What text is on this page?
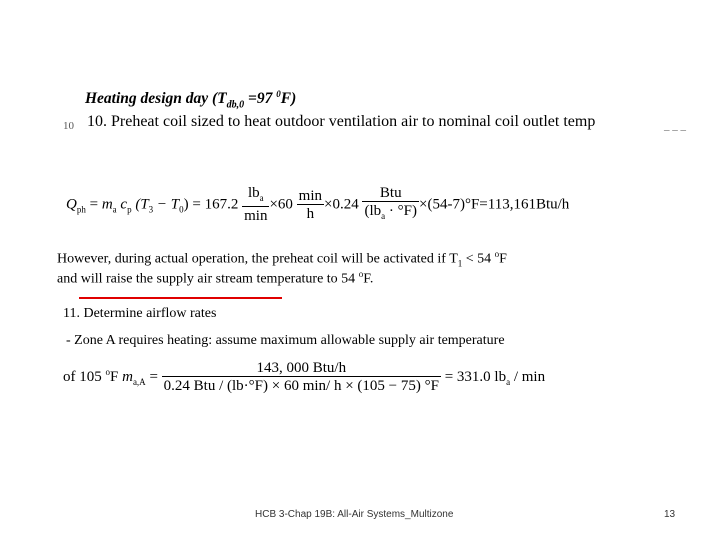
Heating design day ($T_{db,0} =97$ $^0$F)
10 10. Preheat coil sized to heat outdoor ventilation air to nominal coil outlet temp	_ _ _
$Q_{ph} = m_a$ $c_p$ $(T_3 - T_0) = 167.2 \frac{lb_a}{\min} \times 60 \frac{\min}{h} \times 0.24 \frac{\text{Btu}}{(lb_a \cdot ^\circ F)} \times(54-7)^\circ F=113,161Btu/h$
However, during actual operation, the preheat coil will be activated if $T_1 < 54$ $^o$F
and will raise the supply air stream temperature to 54 $^o$F.
11. Determine airflow rates
- Zone A requires heating: assume maximum allowable supply air temperature
of 105 $^o$F $m_{a,A} = \frac{\text{143, 000 Btu/h}}{\text{0.24 Btu / (lb·°F) × 60 min/ h × (105 − 75) °F}} = 331.0$ $lb_a$ / min
HCB 3-Chap 19B: All-Air Systems_Multizone	13
